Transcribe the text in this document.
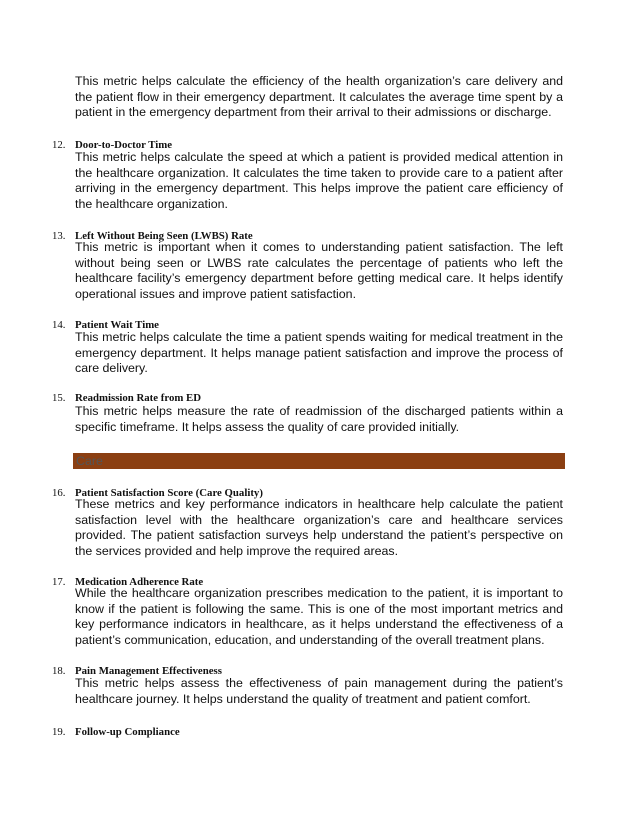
This metric helps calculate the efficiency of the health organization’s care delivery and the patient flow in their emergency department. It calculates the average time spent by a patient in the emergency department from their arrival to their admissions or discharge.

12. Door-to-Doctor Time

This metric helps calculate the speed at which a patient is provided medical attention in the healthcare organization. It calculates the time taken to provide care to a patient after arriving in the emergency department. This helps improve the patient care efficiency of the healthcare organization.

13. Left Without Being Seen (LWBS) Rate

This metric is important when it comes to understanding patient satisfaction. The left without being seen or LWBS rate calculates the percentage of patients who left the healthcare facility’s emergency department before getting medical care. It helps identify operational issues and improve patient satisfaction.

14. Patient Wait Time

This metric helps calculate the time a patient spends waiting for medical treatment in the emergency department. It helps manage patient satisfaction and improve the process of care delivery.

15. Readmission Rate from ED

This metric helps measure the rate of readmission of the discharged patients within a specific timeframe. It helps assess the quality of care provided initially.

Care

16. Patient Satisfaction Score (Care Quality)

These metrics and key performance indicators in healthcare help calculate the patient satisfaction level with the healthcare organization’s care and healthcare services provided. The patient satisfaction surveys help understand the patient’s perspective on the services provided and help improve the required areas.

17. Medication Adherence Rate

While the healthcare organization prescribes medication to the patient, it is important to know if the patient is following the same. This is one of the most important metrics and key performance indicators in healthcare, as it helps understand the effectiveness of a patient’s communication, education, and understanding of the overall treatment plans.

18. Pain Management Effectiveness

This metric helps assess the effectiveness of pain management during the patient’s healthcare journey. It helps understand the quality of treatment and patient comfort.

19. Follow-up Compliance
